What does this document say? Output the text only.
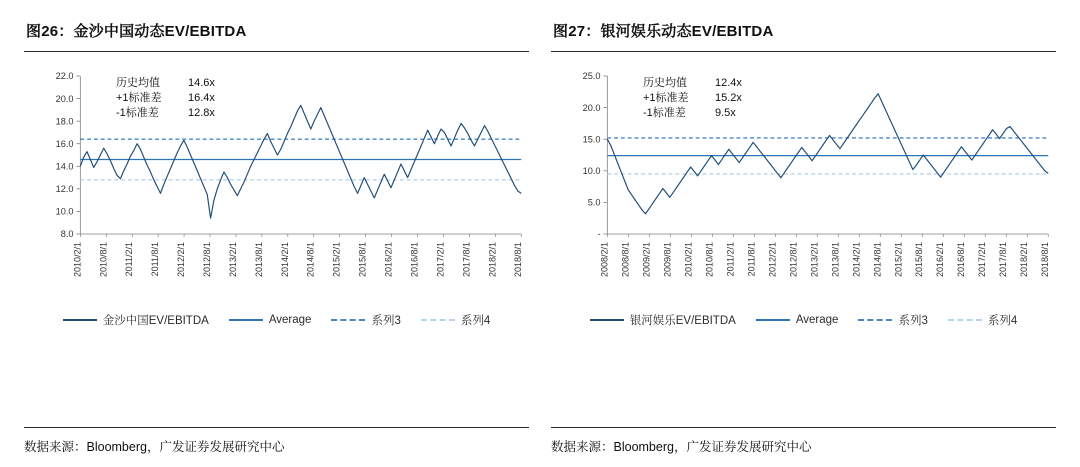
图26：金沙中国动态EV/EBITDA
8.0
10.0
12.0
14.0
16.0
18.0
20.0
22.0
2010/2/1 2010/8/1 2011/2/1 2011/8/1 2012/2/1 2012/8/1 2013/2/1 2013/8/1 2014/2/1 2014/8/1 2015/2/1 2015/8/1 2016/2/1 2016/8/1 2017/2/1 2017/8/1 2018/2/1 2018/8/1
历史均值	14.6x
+1标准差	16.4x
-1标准差	12.8x
金沙中国EV/EBITDA	Average	系列3	系列4
数据来源：Bloomberg，广发证券发展研究中心
图27：银河娱乐动态EV/EBITDA
-
5.0
10.0
15.0
20.0
25.0
2008/2/1 2008/8/1 2009/2/1 2009/8/1 2010/2/1 2010/8/1 2011/2/1 2011/8/1 2012/2/1 2012/8/1 2013/2/1 2013/8/1 2014/2/1 2014/8/1 2015/2/1 2015/8/1 2016/2/1 2016/8/1 2017/2/1 2017/8/1 2018/2/1 2018/8/1
历史均值	12.4x
+1标准差	15.2x
-1标准差	9.5x
银河娱乐EV/EBITDA	Average	系列3	系列4
数据来源：Bloomberg，广发证券发展研究中心
